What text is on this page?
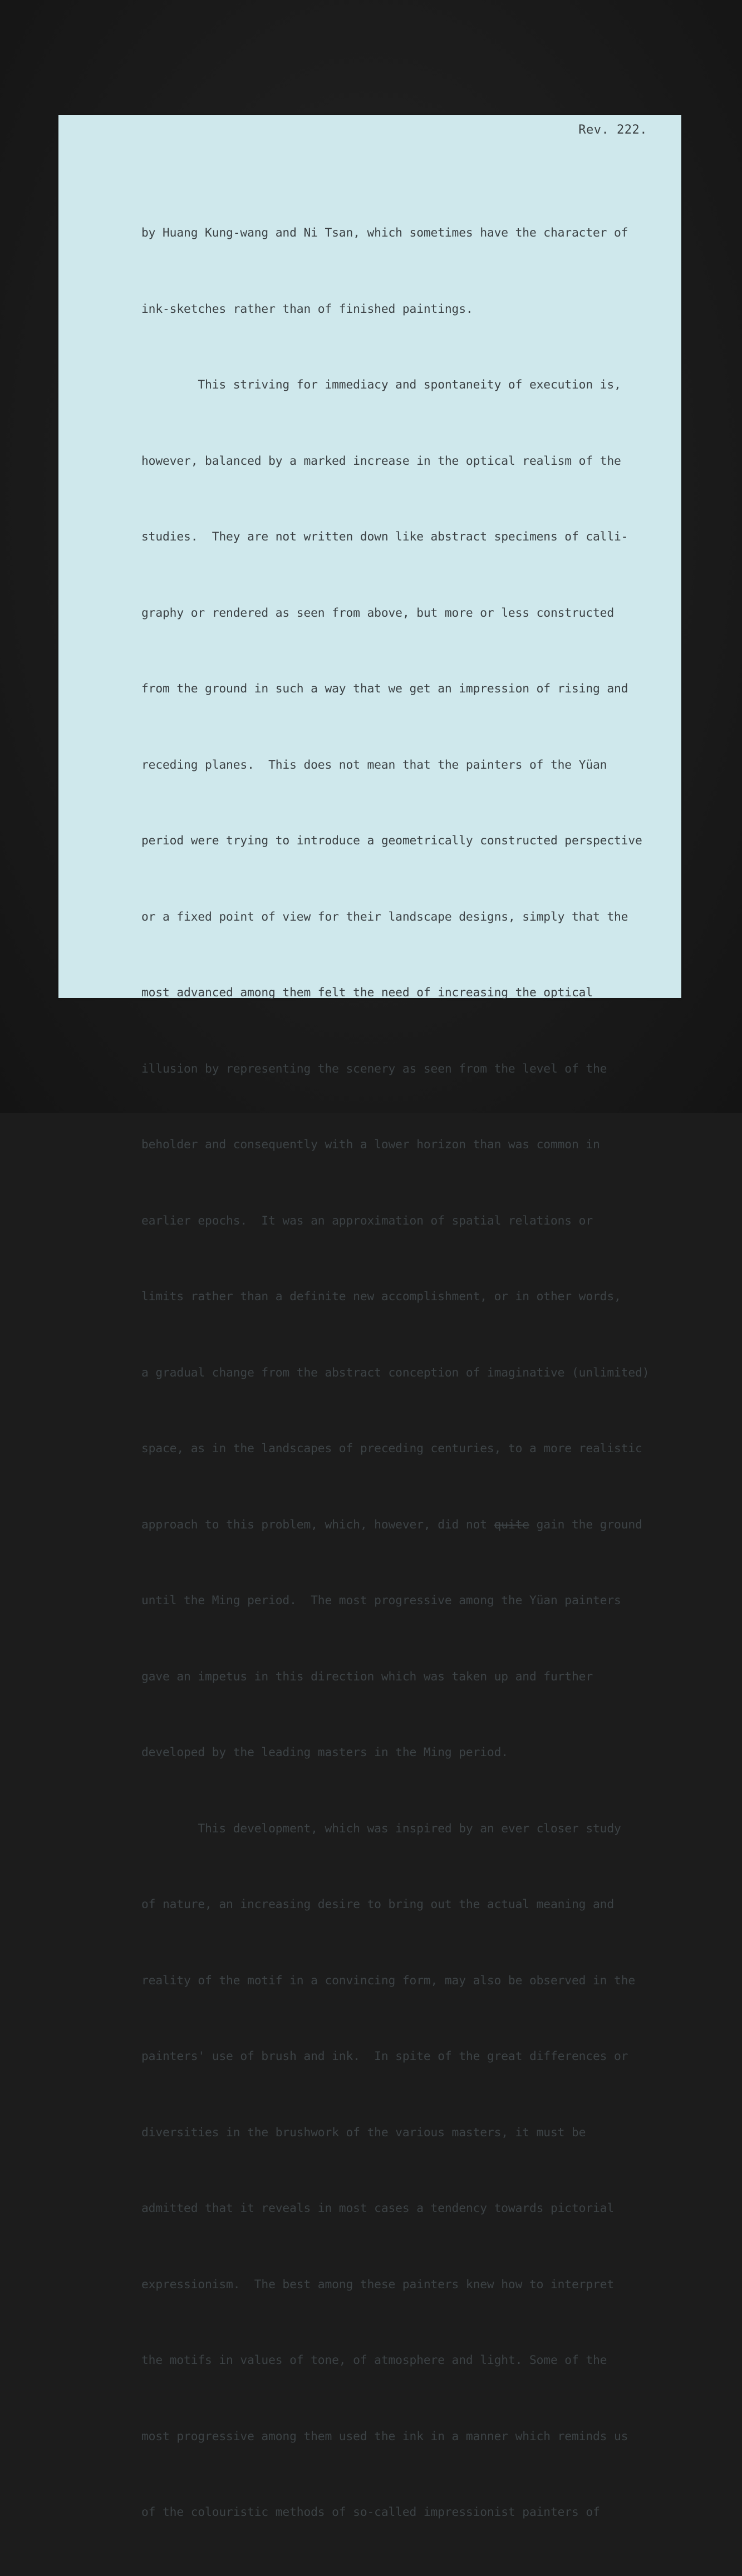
Rev. 222.

by Huang Kung-wang and Ni Tsan, which sometimes have the character of

ink-sketches rather than of finished paintings.

This striving for immediacy and spontaneity of execution is,

however, balanced by a marked increase in the optical realism of the

studies.  They are not written down like abstract specimens of calli-

graphy or rendered as seen from above, but more or less constructed

from the ground in such a way that we get an impression of rising and

receding planes.  This does not mean that the painters of the Yüan

period were trying to introduce a geometrically constructed perspective

or a fixed point of view for their landscape designs, simply that the

most advanced among them felt the need of increasing the optical

illusion by representing the scenery as seen from the level of the

beholder and consequently with a lower horizon than was common in

earlier epochs.  It was an approximation of spatial relations or

limits rather than a definite new accomplishment, or in other words,

a gradual change from the abstract conception of imaginative (unlimited)

space, as in the landscapes of preceding centuries, to a more realistic

approach to this problem, which, however, did not quite gain the ground

until the Ming period.  The most progressive among the Yüan painters

gave an impetus in this direction which was taken up and further

developed by the leading masters in the Ming period.

This development, which was inspired by an ever closer study

of nature, an increasing desire to bring out the actual meaning and

reality of the motif in a convincing form, may also be observed in the

painters' use of brush and ink.  In spite of the great differences or

diversities in the brushwork of the various masters, it must be

admitted that it reveals in most cases a tendency towards pictorial

expressionism.  The best among these painters knew how to interpret

the motifs in values of tone, of atmosphere and light. Some of the

most progressive among them used the ink in a manner which reminds us

of the colouristic methods of so-called impressionist painters of
